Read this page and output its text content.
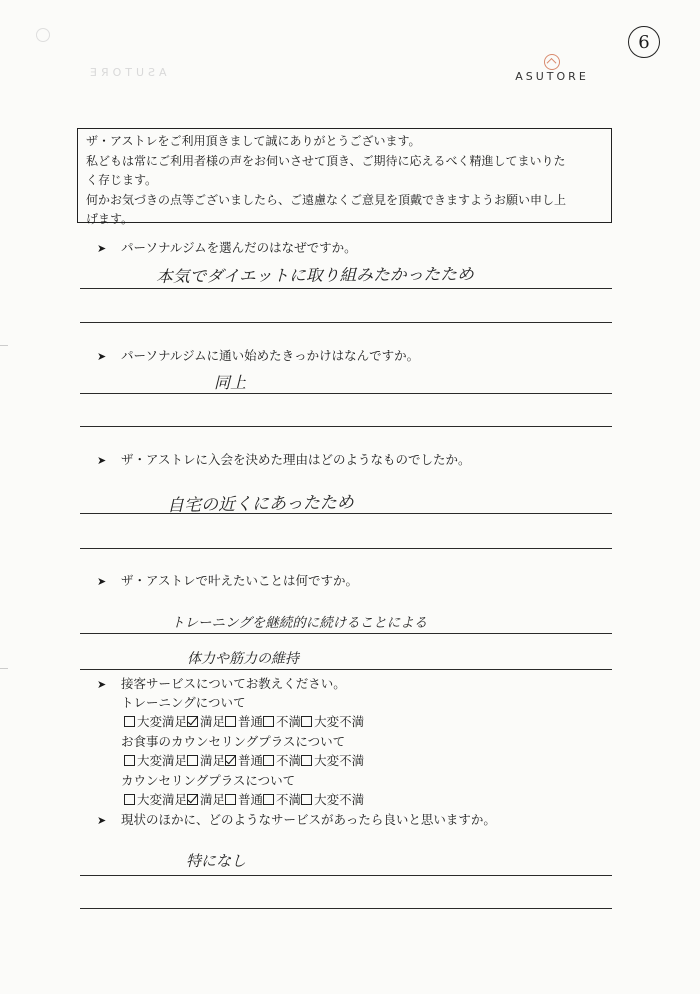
ƎЯOTUƧA
6
ASUTORE
ザ・アストレをご利用頂きまして誠にありがとうございます。
私どもは常にご利用者様の声をお伺いさせて頂き、ご期待に応えるべく精進してまいりた
く存じます。
何かお気づきの点等ございましたら、ご遠慮なくご意見を頂戴できますようお願い申し上
げます。
➤ パーソナルジムを選んだのはなぜですか。
本気でダイエットに取り組みたかったため
➤ パーソナルジムに通い始めたきっかけはなんですか。
同上
➤ ザ・アストレに入会を決めた理由はどのようなものでしたか。
自宅の近くにあったため
➤ ザ・アストレで叶えたいことは何ですか。
トレーニングを継続的に続けることによる
体力や筋力の維持
➤ 接客サービスについてお教えください。
トレーニングについて
大変満足 満足 普通 不満 大変不満
お食事のカウンセリングプラスについて
大変満足 満足 普通 不満 大変不満
カウンセリングプラスについて
大変満足 満足 普通 不満 大変不満
➤ 現状のほかに、どのようなサービスがあったら良いと思いますか。
特になし
